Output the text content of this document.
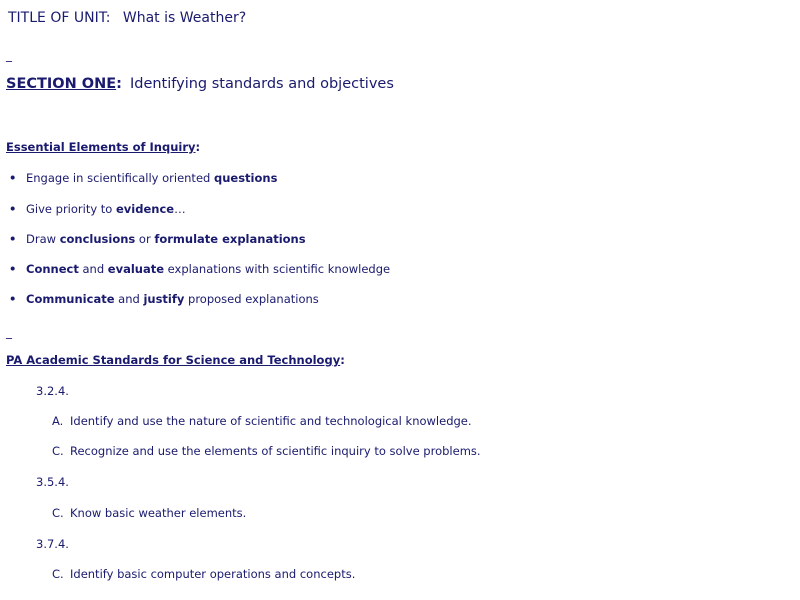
TITLE OF UNIT: What is Weather?
_
SECTION ONE: Identifying standards and objectives
Essential Elements of Inquiry:
• Engage in scientifically oriented questions
• Give priority to evidence…
• Draw conclusions or formulate explanations
• Connect and evaluate explanations with scientific knowledge
• Communicate and justify proposed explanations
_
PA Academic Standards for Science and Technology:
3.2.4.
A. Identify and use the nature of scientific and technological knowledge.
C. Recognize and use the elements of scientific inquiry to solve problems.
3.5.4.
C. Know basic weather elements.
3.7.4.
C. Identify basic computer operations and concepts.
